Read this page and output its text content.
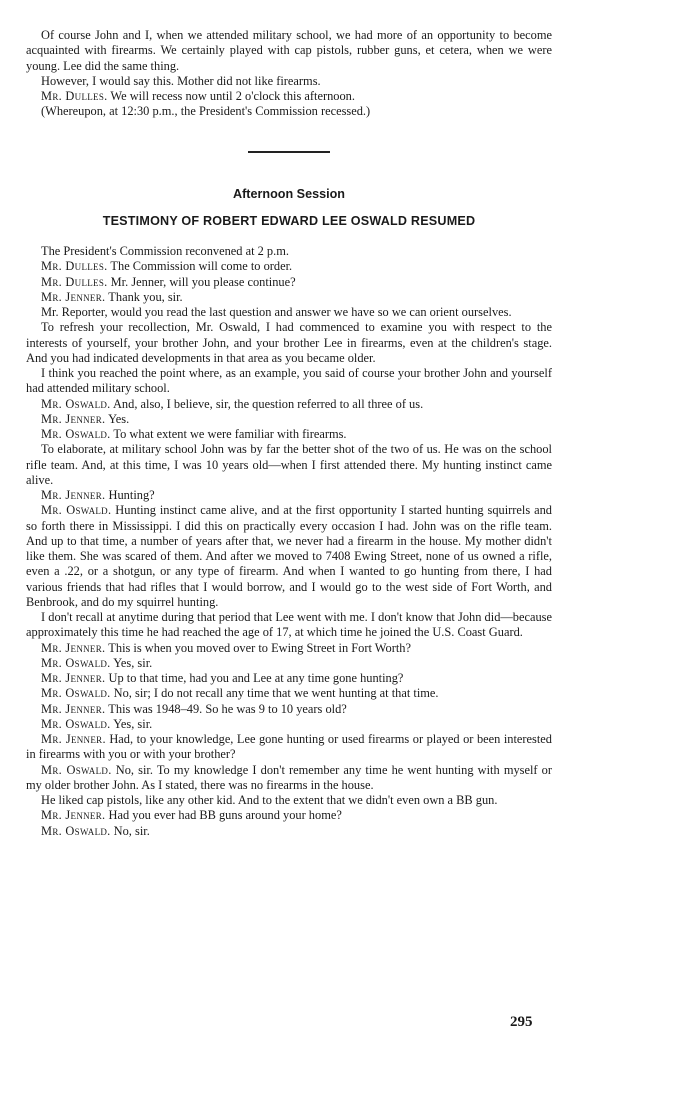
Of course John and I, when we attended military school, we had more of an opportunity to become acquainted with firearms. We certainly played with cap pistols, rubber guns, et cetera, when we were young. Lee did the same thing.

However, I would say this. Mother did not like firearms.

Mr. Dulles. We will recess now until 2 o'clock this afternoon.

(Whereupon, at 12:30 p.m., the President's Commission recessed.)

Afternoon Session
TESTIMONY OF ROBERT EDWARD LEE OSWALD RESUMED

The President's Commission reconvened at 2 p.m.

Mr. Dulles. The Commission will come to order.

Mr. Dulles. Mr. Jenner, will you please continue?

Mr. Jenner. Thank you, sir.

Mr. Reporter, would you read the last question and answer we have so we can orient ourselves.

To refresh your recollection, Mr. Oswald, I had commenced to examine you with respect to the interests of yourself, your brother John, and your brother Lee in firearms, even at the children's stage. And you had indicated developments in that area as you became older.

I think you reached the point where, as an example, you said of course your brother John and yourself had attended military school.

Mr. Oswald. And, also, I believe, sir, the question referred to all three of us.

Mr. Jenner. Yes.

Mr. Oswald. To what extent we were familiar with firearms.

To elaborate, at military school John was by far the better shot of the two of us. He was on the school rifle team. And, at this time, I was 10 years old—when I first attended there. My hunting instinct came alive.

Mr. Jenner. Hunting?

Mr. Oswald. Hunting instinct came alive, and at the first opportunity I started hunting squirrels and so forth there in Mississippi. I did this on practically every occasion I had. John was on the rifle team. And up to that time, a number of years after that, we never had a firearm in the house. My mother didn't like them. She was scared of them. And after we moved to 7408 Ewing Street, none of us owned a rifle, even a .22, or a shotgun, or any type of firearm. And when I wanted to go hunting from there, I had various friends that had rifles that I would borrow, and I would go to the west side of Fort Worth, and Benbrook, and do my squirrel hunting.

I don't recall at anytime during that period that Lee went with me. I don't know that John did—because approximately this time he had reached the age of 17, at which time he joined the U.S. Coast Guard.

Mr. Jenner. This is when you moved over to Ewing Street in Fort Worth?

Mr. Oswald. Yes, sir.

Mr. Jenner. Up to that time, had you and Lee at any time gone hunting?

Mr. Oswald. No, sir; I do not recall any time that we went hunting at that time.

Mr. Jenner. This was 1948–49. So he was 9 to 10 years old?

Mr. Oswald. Yes, sir.

Mr. Jenner. Had, to your knowledge, Lee gone hunting or used firearms or played or been interested in firearms with you or with your brother?

Mr. Oswald. No, sir. To my knowledge I don't remember any time he went hunting with myself or my older brother John. As I stated, there was no firearms in the house.

He liked cap pistols, like any other kid. And to the extent that we didn't even own a BB gun.

Mr. Jenner. Had you ever had BB guns around your home?

Mr. Oswald. No, sir.

295
